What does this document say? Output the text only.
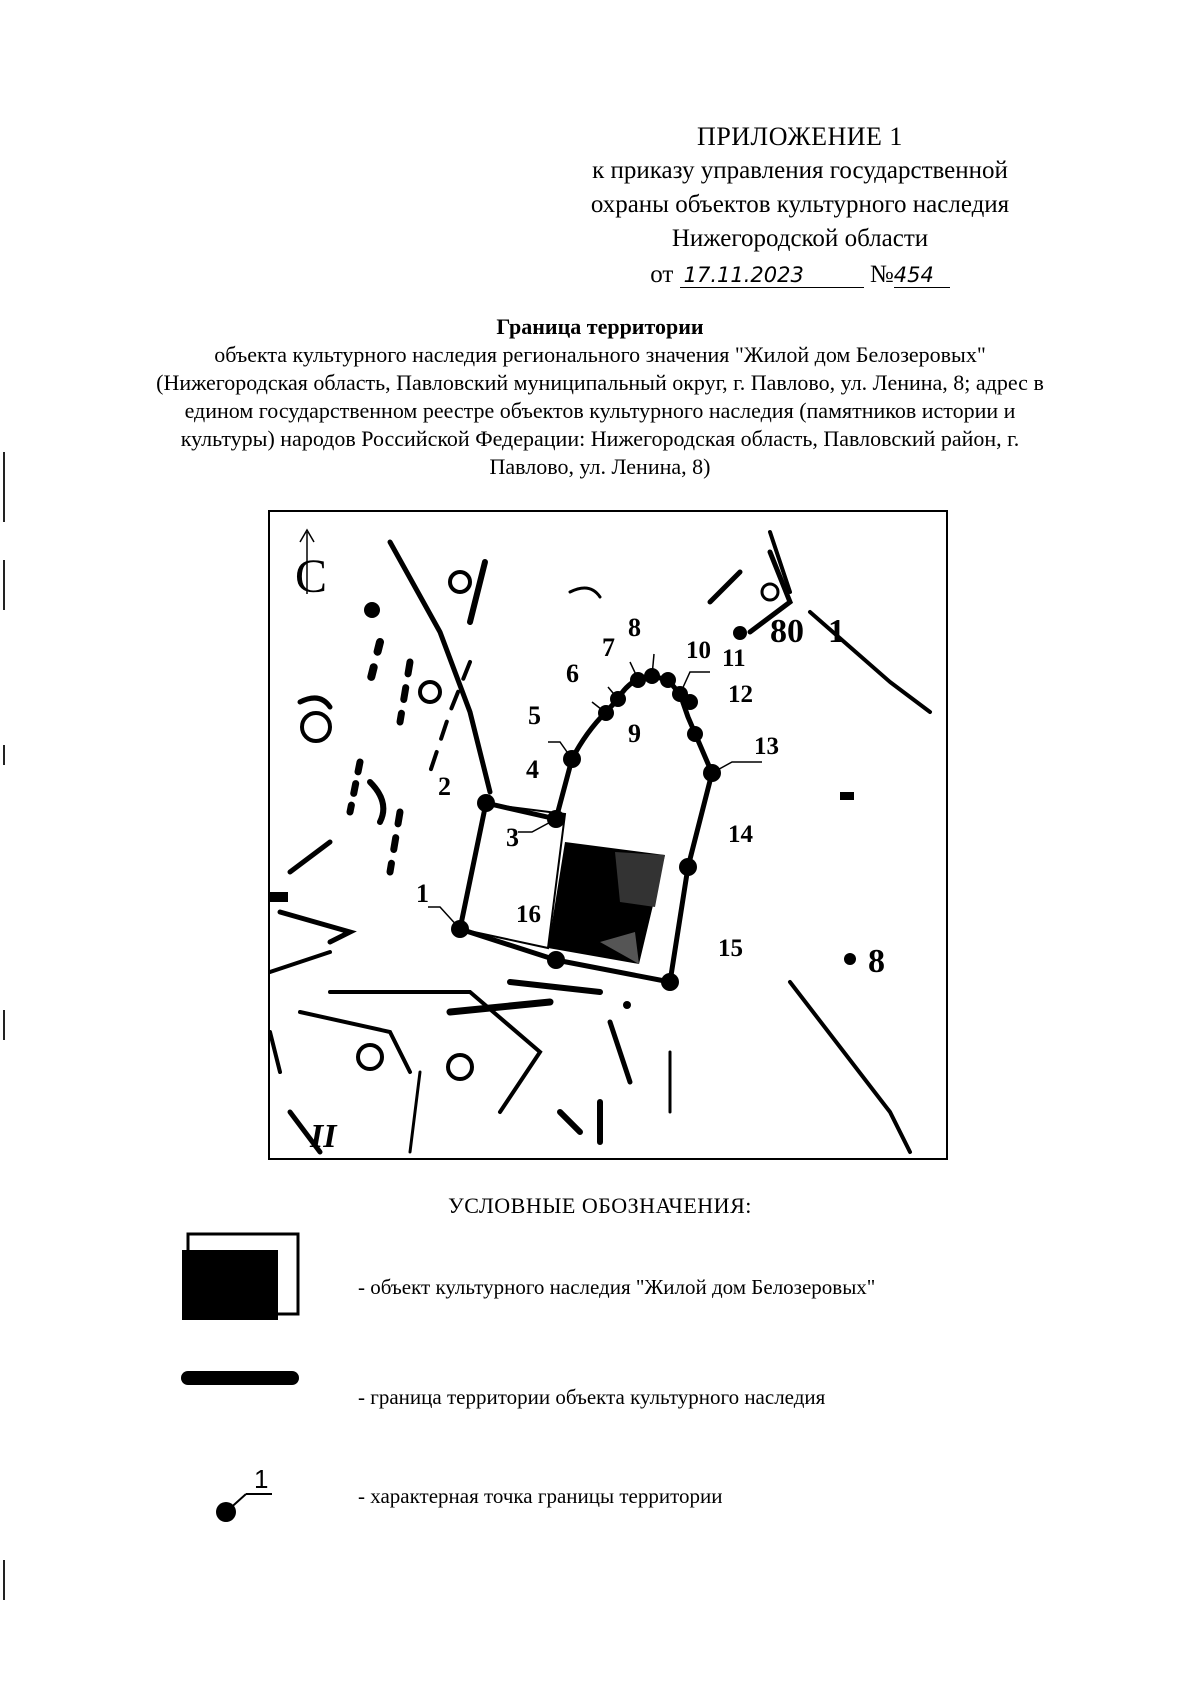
ПРИЛОЖЕНИЕ 1
к приказу управления государственной
охраны объектов культурного наследия
Нижегородской области
от 17.11.2023	№454
Граница территории
объекта культурного наследия регионального значения "Жилой дом Белозеровых" (Нижегородская область, Павловский муниципальный округ, г. Павлово, ул. Ленина, 8; адрес в едином государственном реестре объектов культурного наследия (памятников истории и культуры) народов Российской Федерации: Нижегородская область, Павловский район, г. Павлово, ул. Ленина, 8)
С
80 1
8
II
1
2
3
4
5
6
7
8
9
10 11
12
13
14
15
16
УСЛОВНЫЕ ОБОЗНАЧЕНИЯ:
- объект культурного наследия "Жилой дом Белозеровых"
- граница территории объекта культурного наследия
1
- характерная точка границы территории
